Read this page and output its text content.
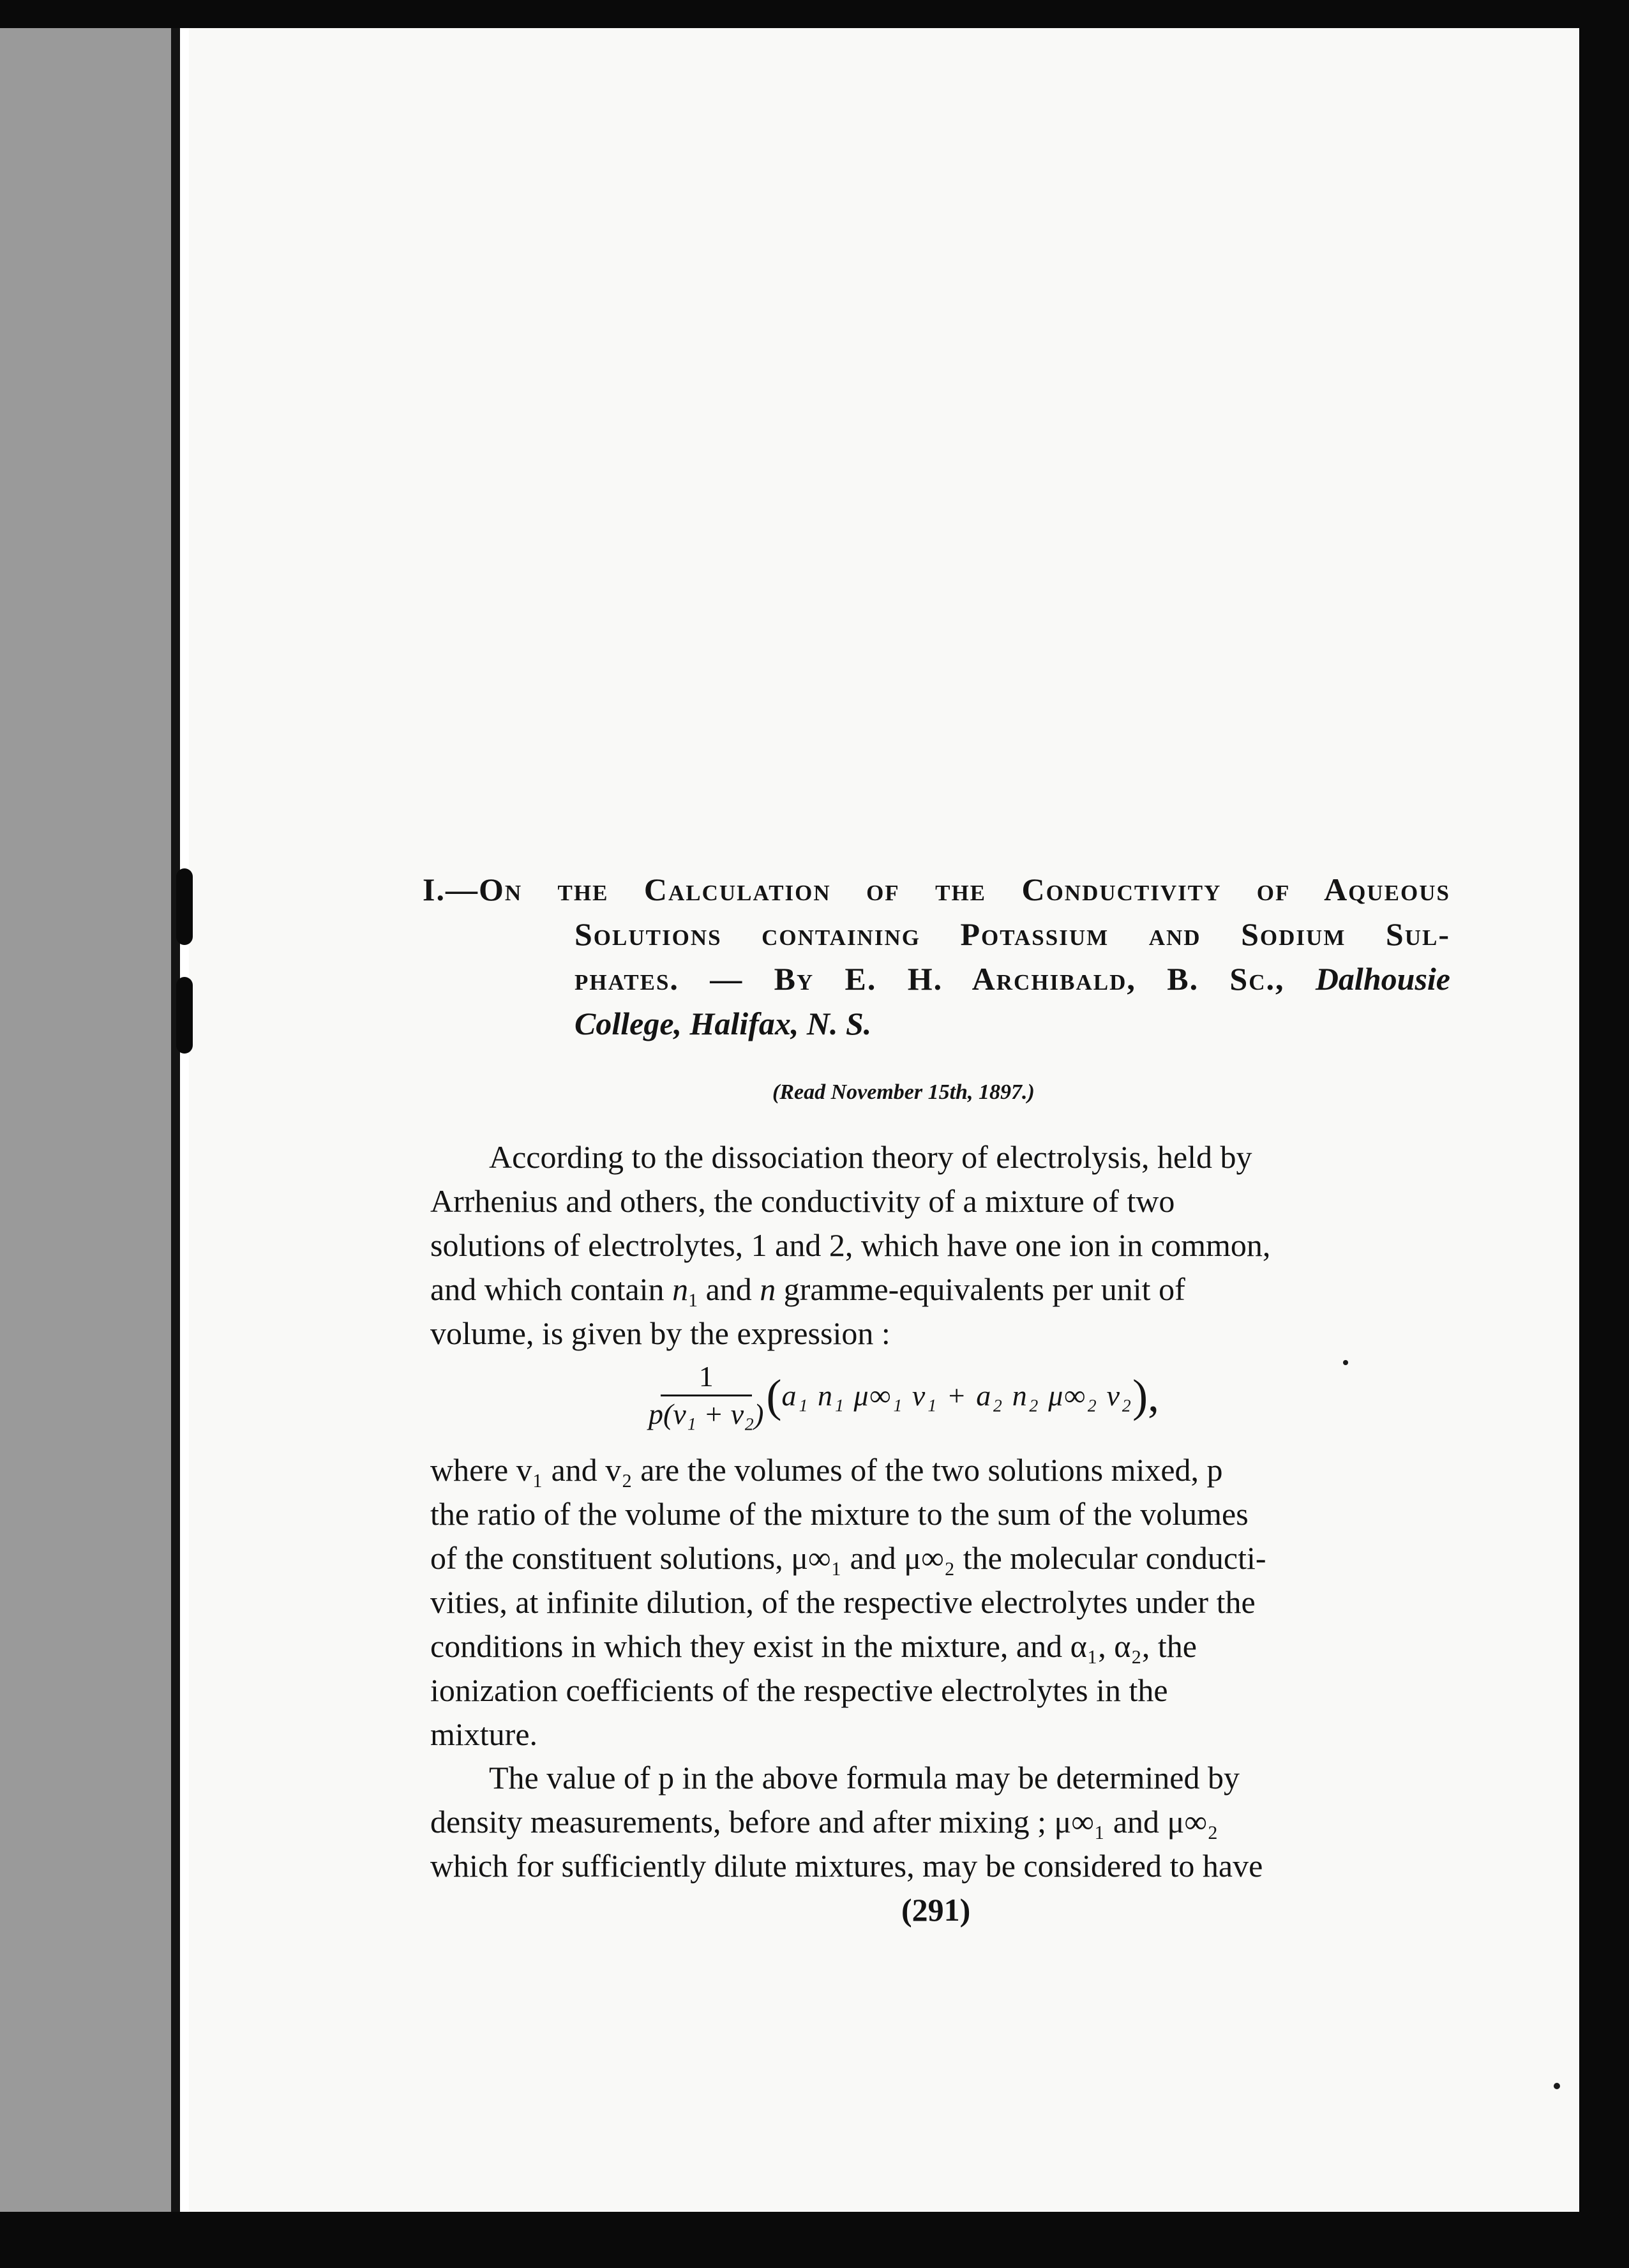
I.—On the Calculation of the Conductivity of Aqueous

Solutions containing Potassium and Sodium Sul-

phates. — By E. H. Archibald, B. Sc., Dalhousie

College, Halifax, N. S.

(Read November 15th, 1897.)

According to the dissociation theory of electrolysis, held by

Arrhenius and others, the conductivity of a mixture of two

solutions of electrolytes, 1 and 2, which have one ion in common,

and which contain $n_1$ and n gramme-equivalents per unit of

volume, is given by the expression :

$\frac{1}{\text{p(v₁ + v₂)}}$ ( a₁ n₁ μ∞₁ v₁ + a₂ n₂ μ∞₂ v₂ ),

where v₁ and v₂ are the volumes of the two solutions mixed, p

the ratio of the volume of the mixture to the sum of the volumes

of the constituent solutions, μ∞₁ and μ∞₂ the molecular conducti-

vities, at infinite dilution, of the respective electrolytes under the

conditions in which they exist in the mixture, and α₁, α₂, the

ionization coefficients of the respective electrolytes in the

mixture.

The value of p in the above formula may be determined by

density measurements, before and after mixing ; μ∞₁ and μ∞₂

which for sufficiently dilute mixtures, may be considered to have

(291)
